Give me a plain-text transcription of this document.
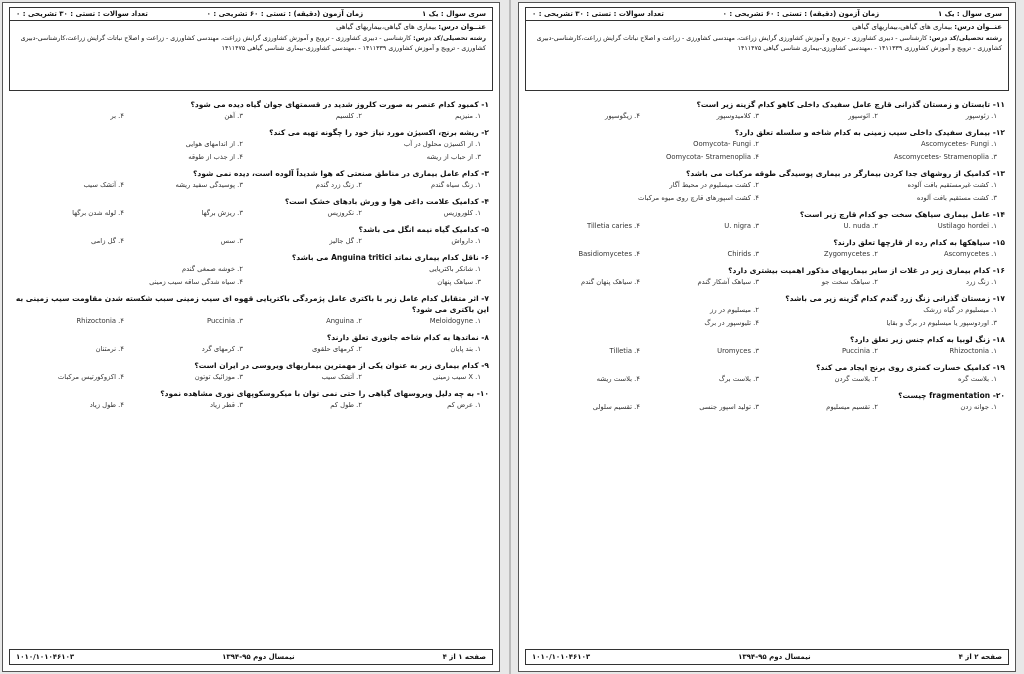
تعداد سوالات : تستی : ۳۰ تشریحی : ۰	زمان آزمون (دقیقه) : تستی : ۶۰ تشریحی : ۰	سری سوال : یک ۱
عنــوان درس: بیماری های گیاهی،بیماریهای گیاهی
رشته تحصیلی/کد درس: کارشناسی - دبیری کشاورزی - ترویج و آموزش کشاورزی گرایش زراعت، مهندسی کشاورزی - زراعت و اصلاح نباتات گرایش زراعت،کارشناسی-دبیری کشاورزی - ترویج و آموزش کشاورزی ۱۴۱۱۳۳۹ - ،مهندسی کشاورزی-بیماری شناسی گیاهی ۱۴۱۱۴۷۵
۱- کمبود کدام عنصر به صورت کلروز شدید در قسمتهای جوان گیاه دیده می شود؟
۱. منیزیم
۲. کلسیم
۳. آهن
۴. بر
۲- ریشه برنج، اکسیژن مورد نیاز خود را چگونه تهیه می کند؟
۱. از اکسیژن محلول در آب
۲. از اندامهای هوایی
۳. از حباب از ریشه
۴. از جذب از طوقه
۳- کدام عامل بیماری در مناطق صنعتی که هوا شدیداً آلوده است، دیده نمی شود؟
۱. زنگ سیاه گندم
۲. زنگ زرد گندم
۳. پوسیدگی سفید ریشه
۴. آتشک سیب
۴- کدامیک علامت داغی هوا و ورش بادهای خشک است؟
۱. کلوروزیس
۲. نکروزیس
۳. ریزش برگها
۴. لوله شدن برگها
۵- کدامیک گیاه نیمه انگل می باشد؟
۱. دارواش
۲. گل جالیز
۳. سس
۴. گل زامی
۶- ناقل کدام بیماری نماتد Anguina tritici می باشد؟
۱. شانکر باکتریایی
۲. خوشه صمغی گندم
۳. سیاهک پنهان
۴. سیاه شدگی ساقه سیب زمینی
۷- اثر متقابل کدام عامل زیر با باکتری عامل پژمردگی باکتریایی قهوه ای سیب زمینی سبب شکسته شدن مقاومت سیب زمینی به این باکتری می شود؟
۱. Meloidogyne
۲. Anguina
۳. Puccinia
۴. Rhizoctonia
۸- نماتدها به کدام شاخه جانوری تعلق دارند؟
۱. بند پایان
۲. کرمهای حلقوی
۳. کرمهای گرد
۴. نرمتنان
۹- کدام بیماری زیر به عنوان یکی از مهمترین بیماریهای ویروسی در ایران است؟
۱. X سیب زمینی
۲. آتشک سیب
۳. موزائیک توتون
۴. اکزوکورتیس مرکبات
۱۰- به چه دلیل ویروسهای گیاهی را حتی نمی توان با میکروسکوپهای نوری مشاهده نمود؟
۱. عرض کم
۲. طول کم
۳. قطر زیاد
۴. طول زیاد
صفحه ۱ از ۴
نیمسال دوم ۹۵-۱۳۹۴
۱۰۱۰/۱۰۱۰۴۶۱۰۳
تعداد سوالات : تستی : ۳۰ تشریحی : ۰	زمان آزمون (دقیقه) : تستی : ۶۰ تشریحی : ۰	سری سوال : یک ۱
عنــوان درس: بیماری های گیاهی،بیماریهای گیاهی
رشته تحصیلی/کد درس: کارشناسی - دبیری کشاورزی - ترویج و آموزش کشاورزی گرایش زراعت، مهندسی کشاورزی - زراعت و اصلاح نباتات گرایش زراعت،کارشناسی-دبیری کشاورزی - ترویج و آموزش کشاورزی ۱۴۱۱۳۳۹ - ،مهندسی کشاورزی-بیماری شناسی گیاهی ۱۴۱۱۴۷۵
۱۱- تابستان و زمستان گذرانی قارچ عامل سفیدک داخلی کاهو کدام گزینه زیر است؟
۱. زئوسپور
۲. ائوسپور
۳. کلامیدوسپور
۴. زیگوسپور
۱۲- بیماری سفیدک داخلی سیب زمینی به کدام شاخه و سلسله تعلق دارد؟
۱. Ascomycetes- Fungi
۲. Oomycota- Fungi
۳. Ascomycetes- Stramenoplia
۴. Oomycota- Stramenoplia
۱۳- کدامیک از روشهای جدا کردن بیمارگر در بیماری پوسیدگی طوقه مرکبات می باشد؟
۱. کشت غیرمستقیم بافت آلوده
۲. کشت میسلیوم در محیط آگار
۳. کشت مستقیم بافت آلوده
۴. کشت اسپورهای قارچ روی میوه مرکبات
۱۴- عامل بیماری سیاهک سخت جو کدام قارچ زیر است؟
۱. Ustilago hordei
۲. U. nuda
۳. U. nigra
۴. Tilletia caries
۱۵- سیاهکها به کدام رده از قارچها تعلق دارند؟
۱. Ascomycetes
۲. Zygomycetes
۳. Chirids
۴. Basidiomycetes
۱۶- کدام بیماری زیر در غلات از سایر بیماریهای مذکور اهمیت بیشتری دارد؟
۱. زنگ زرد
۲. سیاهک سخت جو
۳. سیاهک آشکار گندم
۴. سیاهک پنهان گندم
۱۷- زمستان گذرانی زنگ زرد گندم کدام گزینه زیر می باشد؟
۱. میسلیوم در گیاه زرشک
۲. میسلیوم در رز
۳. اوردوسپور یا میسلیوم در برگ و بقایا
۴. تلیوسپور در برگ
۱۸- زنگ لوبیا به کدام جنس زیر تعلق دارد؟
۱. Rhizoctonia
۲. Puccinia
۳. Uromyces
۴. Tilletia
۱۹- کدامیک خسارت کمتری روی برنج ایجاد می کند؟
۱. بلاست گره
۲. بلاست گردن
۳. بلاست برگ
۴. بلاست ریشه
۲۰- fragmentation چیست؟
۱. جوانه زدن
۲. تقسیم میسلیوم
۳. تولید اسپور جنسی
۴. تقسیم سلولی
صفحه ۲ از ۴
نیمسال دوم ۹۵-۱۳۹۴
۱۰۱۰/۱۰۱۰۴۶۱۰۳
